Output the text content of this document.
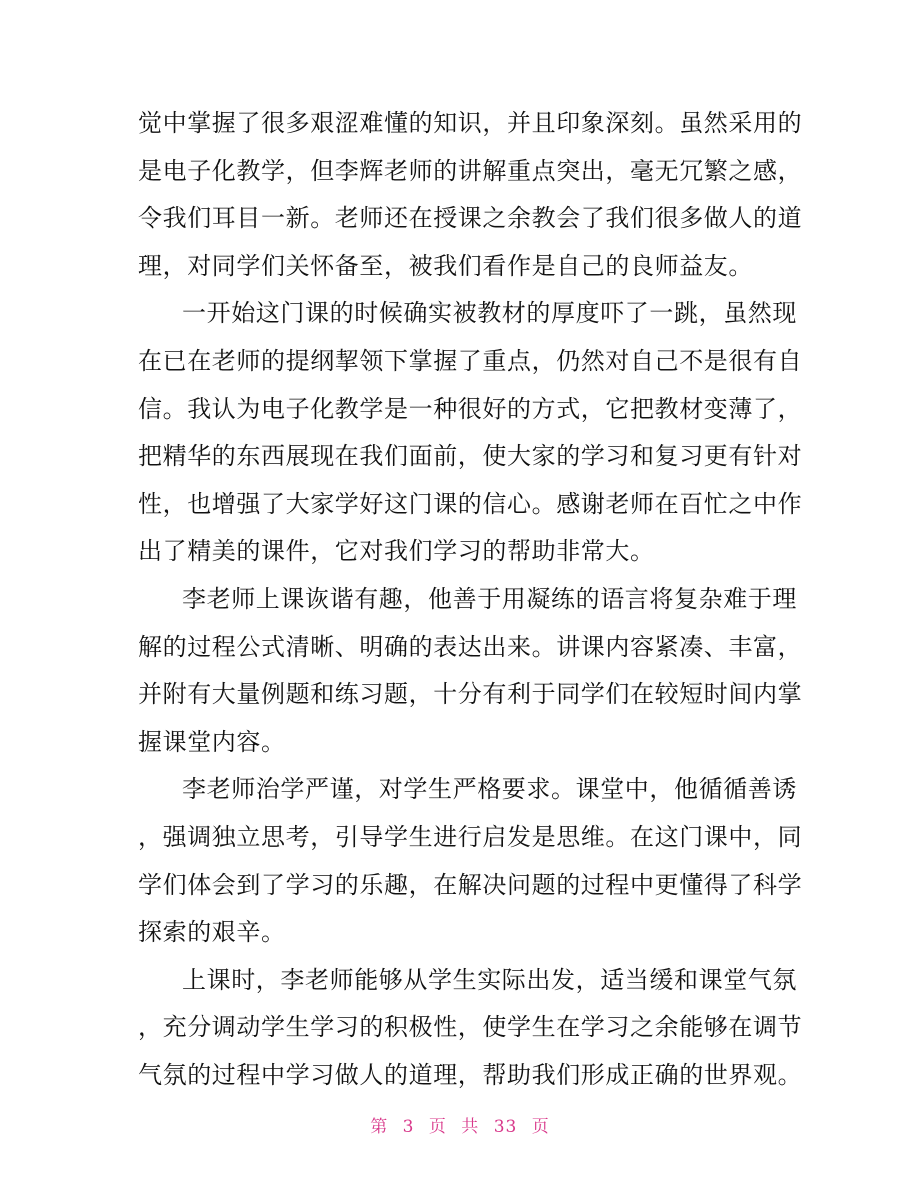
觉中掌握了很多艰涩难懂的知识，并且印象深刻。虽然采用的
是电子化教学，但李辉老师的讲解重点突出，毫无冗繁之感，
令我们耳目一新。老师还在授课之余教会了我们很多做人的道
理，对同学们关怀备至，被我们看作是自己的良师益友。
一开始这门课的时候确实被教材的厚度吓了一跳，虽然现
在已在老师的提纲挈领下掌握了重点，仍然对自己不是很有自
信。我认为电子化教学是一种很好的方式，它把教材变薄了，
把精华的东西展现在我们面前，使大家的学习和复习更有针对
性，也增强了大家学好这门课的信心。感谢老师在百忙之中作
出了精美的课件，它对我们学习的帮助非常大。
李老师上课诙谐有趣，他善于用凝练的语言将复杂难于理
解的过程公式清晰、明确的表达出来。讲课内容紧凑、丰富，
并附有大量例题和练习题，十分有利于同学们在较短时间内掌
握课堂内容。
李老师治学严谨，对学生严格要求。课堂中，他循循善诱
，强调独立思考，引导学生进行启发是思维。在这门课中，同
学们体会到了学习的乐趣，在解决问题的过程中更懂得了科学
探索的艰辛。
上课时，李老师能够从学生实际出发，适当缓和课堂气氛
，充分调动学生学习的积极性，使学生在学习之余能够在调节
气氛的过程中学习做人的道理，帮助我们形成正确的世界观。
第 3 页 共 33 页
